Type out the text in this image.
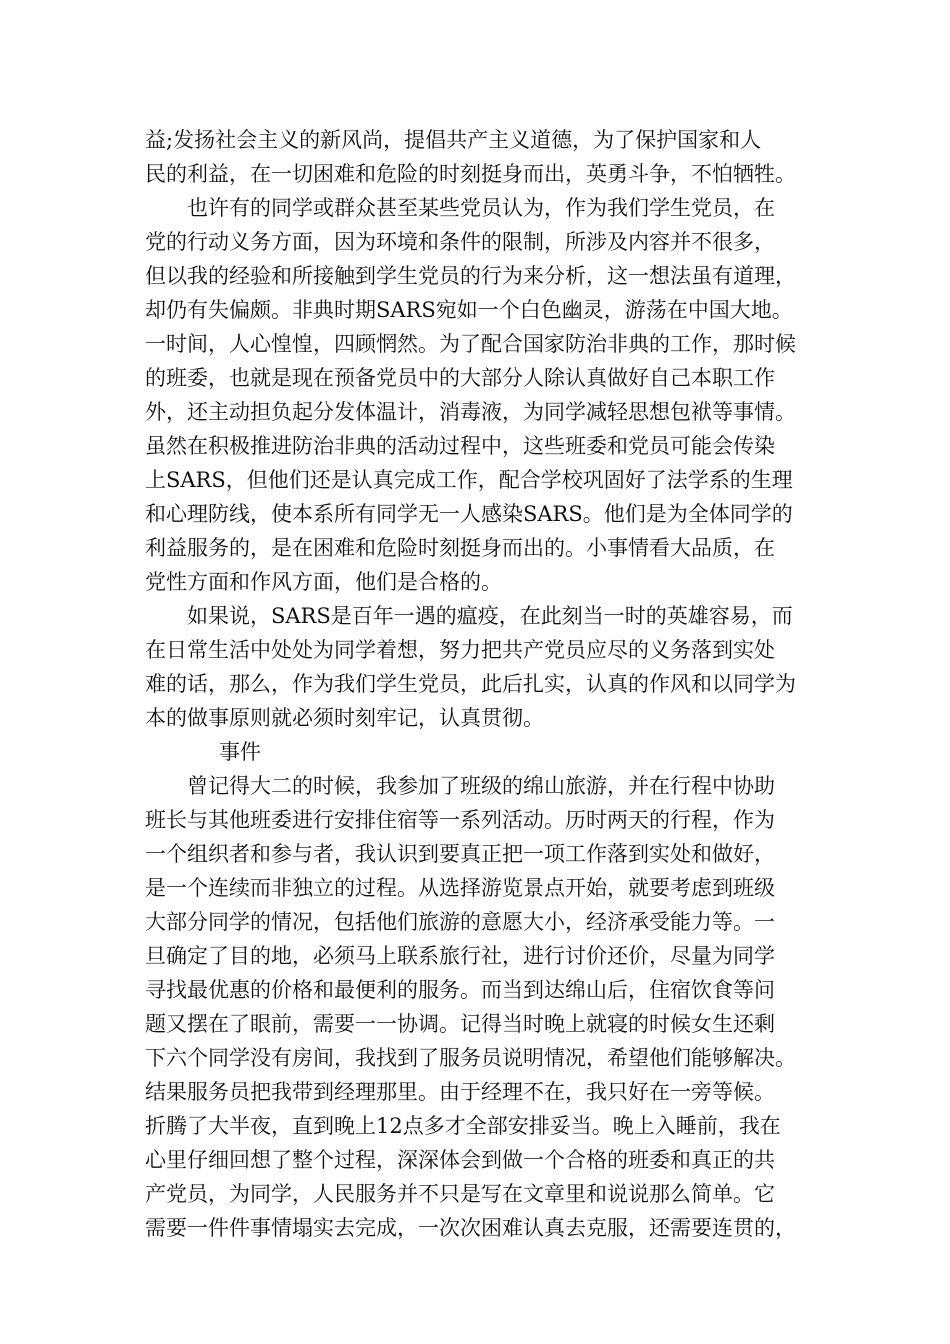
益;发扬社会主义的新风尚，提倡共产主义道德，为了保护国家和人
民的利益，在一切困难和危险的时刻挺身而出，英勇斗争，不怕牺牲。
也许有的同学或群众甚至某些党员认为，作为我们学生党员，在
党的行动义务方面，因为环境和条件的限制，所涉及内容并不很多，
但以我的经验和所接触到学生党员的行为来分析，这一想法虽有道理，
却仍有失偏颇。非典时期SARS宛如一个白色幽灵，游荡在中国大地。
一时间，人心惶惶，四顾惘然。为了配合国家防治非典的工作，那时候
的班委，也就是现在预备党员中的大部分人除认真做好自己本职工作
外，还主动担负起分发体温计，消毒液，为同学减轻思想包袱等事情。
虽然在积极推进防治非典的活动过程中，这些班委和党员可能会传染
上SARS，但他们还是认真完成工作，配合学校巩固好了法学系的生理
和心理防线，使本系所有同学无一人感染SARS。他们是为全体同学的
利益服务的，是在困难和危险时刻挺身而出的。小事情看大品质，在
党性方面和作风方面，他们是合格的。
如果说，SARS是百年一遇的瘟疫，在此刻当一时的英雄容易，而
在日常生活中处处为同学着想，努力把共产党员应尽的义务落到实处
难的话，那么，作为我们学生党员，此后扎实，认真的作风和以同学为
本的做事原则就必须时刻牢记，认真贯彻。
事件
曾记得大二的时候，我参加了班级的绵山旅游，并在行程中协助
班长与其他班委进行安排住宿等一系列活动。历时两天的行程，作为
一个组织者和参与者，我认识到要真正把一项工作落到实处和做好，
是一个连续而非独立的过程。从选择游览景点开始，就要考虑到班级
大部分同学的情况，包括他们旅游的意愿大小，经济承受能力等。一
旦确定了目的地，必须马上联系旅行社，进行讨价还价，尽量为同学
寻找最优惠的价格和最便利的服务。而当到达绵山后，住宿饮食等问
题又摆在了眼前，需要一一协调。记得当时晚上就寝的时候女生还剩
下六个同学没有房间，我找到了服务员说明情况，希望他们能够解决。
结果服务员把我带到经理那里。由于经理不在，我只好在一旁等候。
折腾了大半夜，直到晚上12点多才全部安排妥当。晚上入睡前，我在
心里仔细回想了整个过程，深深体会到做一个合格的班委和真正的共
产党员，为同学，人民服务并不只是写在文章里和说说那么简单。它
需要一件件事情塌实去完成，一次次困难认真去克服，还需要连贯的，
